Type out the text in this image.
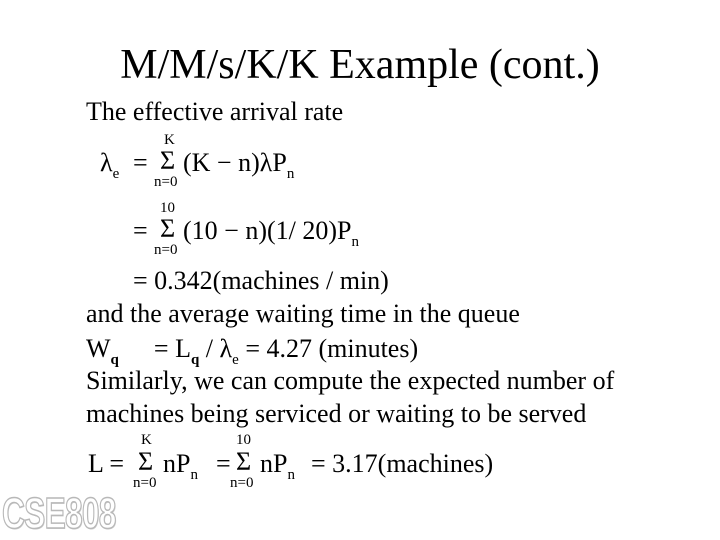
M/M/s/K/K Example (cont.)
The effective arrival rate
$\lambda_e$ =
K
Σ
n=0
$(K - n)\lambda P_n$
=
10
Σ
n=0
(10 − n)(1/ $20)P_n$
= 0.342(machines / min)
and the average waiting time in the queue
$W_q = L_q / \lambda_e = 4.27$ (minutes)
Similarly, we can compute the expected number of
machines being serviced or waiting to be served
L =
K
Σ
n=0
$nP_n$ =
10
Σ
n=0
$nP_n$ = 3.17(machines)
CSE808
